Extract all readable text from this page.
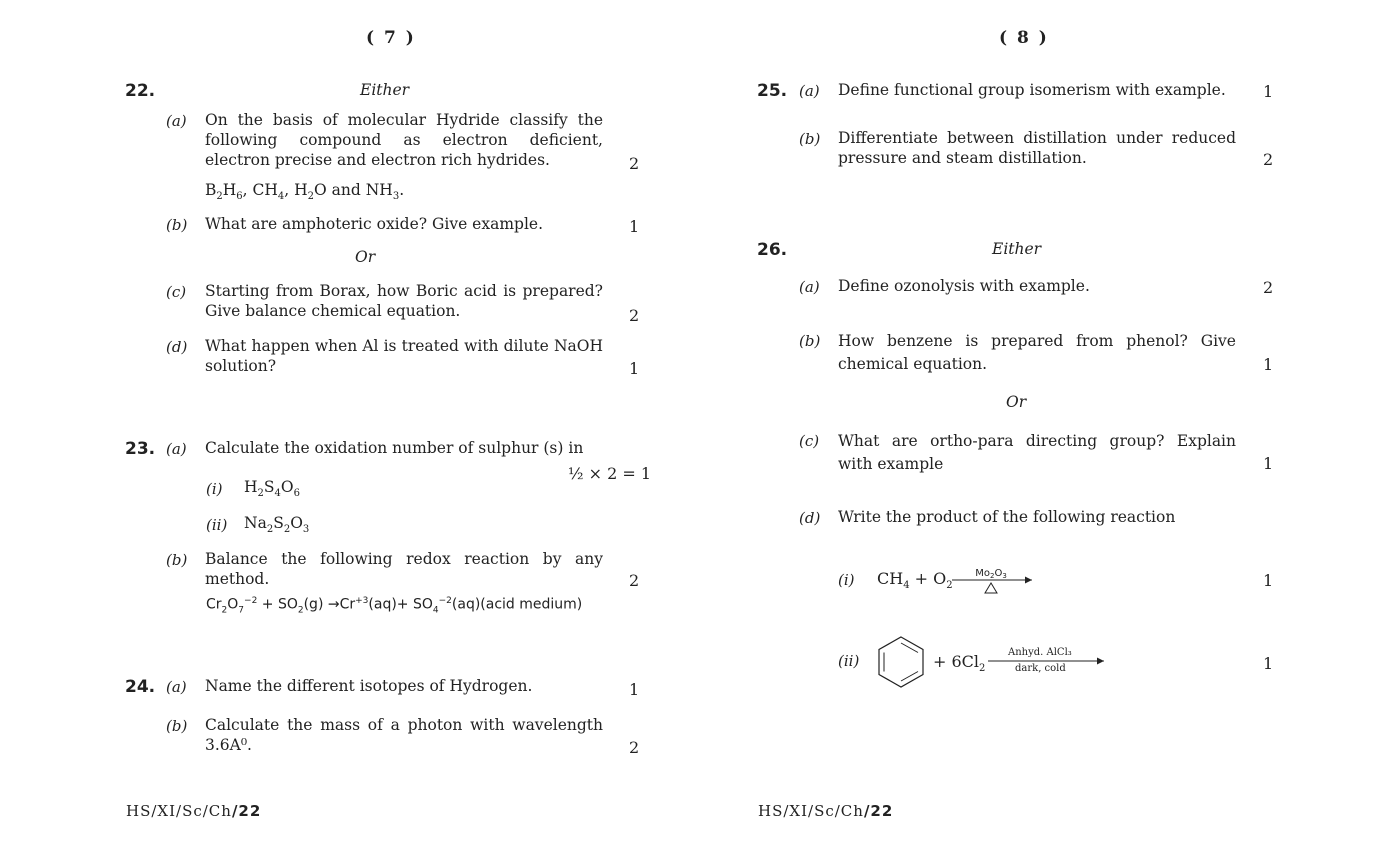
( 7 )
22.	Either
(a) On the basis of molecular Hydride classify the following compound as electron deficient, electron precise and electron rich hydrides.	2
$B_2H_6$, $CH_4$, $H_2O$ and $NH_3$.
(b) What are amphoteric oxide? Give example.	1
Or
(c) Starting from Borax, how Boric acid is prepared? Give balance chemical equation.	2
(d) What happen when Al is treated with dilute NaOH solution?	1
23. (a) Calculate the oxidation number of sulphur (s) in
½ × 2 = 1
(i) $H_2S_4O_6$
(ii) $Na_2S_2O_3$
(b) Balance the following redox reaction by any method.	2
$Cr_2O_7^{-2} + SO_2(g) \to Cr^{+3}(aq)+$ $SO_4^{-2}(aq)(acid$ medium)
24. (a) Name the different isotopes of Hydrogen.	1
(b) Calculate the mass of a photon with wavelength 3.6A⁰.	2
HS/XI/Sc/Ch/22
( 8 )
25. (a) Define functional group isomerism with example.	1
(b) Differentiate between distillation under reduced pressure and steam distillation.	2
26.	Either
(a) Define ozonolysis with example.	2
(b) How benzene is prepared from phenol? Give chemical equation.	1
Or
(c) What are ortho-para directing group? Explain with example	1
(d) Write the product of the following reaction
(i) $CH_4 + O_2$
$Mo_2O_3$	1
(ii)	+ $6Cl_2$
Anhyd. AlCl₃
dark, cold	1
HS/XI/Sc/Ch/22
